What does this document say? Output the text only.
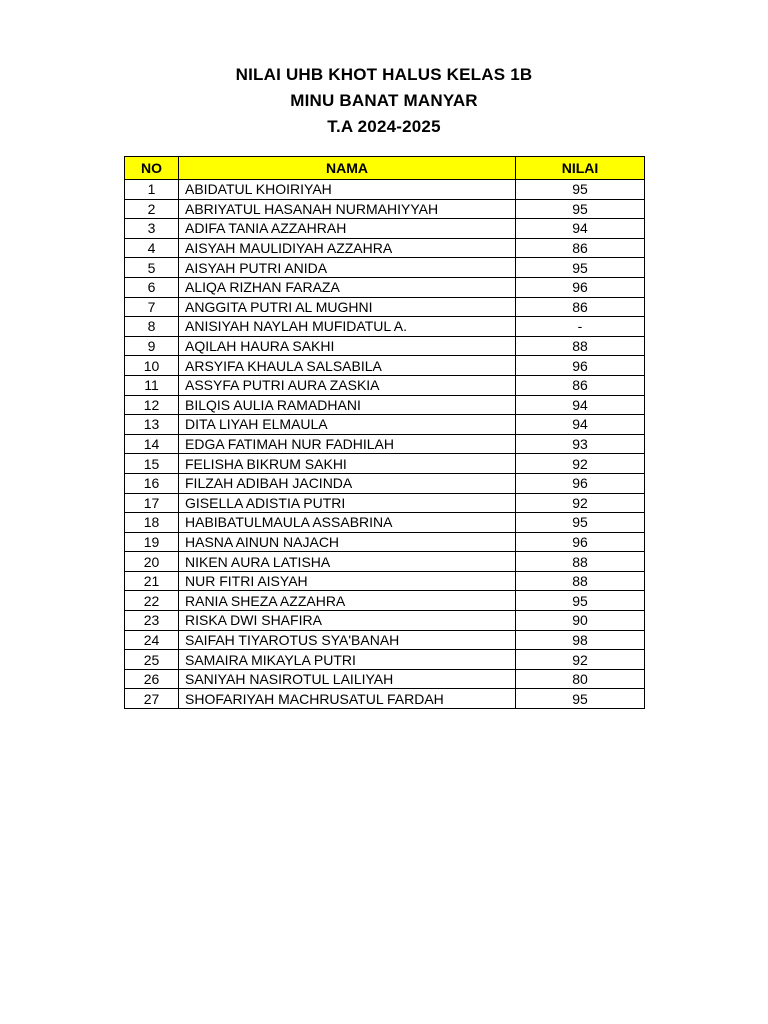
NILAI UHB KHOT HALUS KELAS 1B
MINU BANAT MANYAR
T.A 2024-2025
NO	NAMA	NILAI
1	ABIDATUL KHOIRIYAH	95
2	ABRIYATUL HASANAH NURMAHIYYAH	95
3	ADIFA TANIA AZZAHRAH	94
4	AISYAH MAULIDIYAH AZZAHRA	86
5	AISYAH PUTRI ANIDA	95
6	ALIQA RIZHAN FARAZA	96
7	ANGGITA PUTRI AL MUGHNI	86
8	ANISIYAH NAYLAH MUFIDATUL A.	-
9	AQILAH HAURA SAKHI	88
10	ARSYIFA KHAULA SALSABILA	96
11	ASSYFA PUTRI AURA ZASKIA	86
12	BILQIS AULIA RAMADHANI	94
13	DITA LIYAH ELMAULA	94
14	EDGA FATIMAH NUR FADHILAH	93
15	FELISHA BIKRUM SAKHI	92
16	FILZAH ADIBAH JACINDA	96
17	GISELLA ADISTIA PUTRI	92
18	HABIBATULMAULA ASSABRINA	95
19	HASNA AINUN NAJACH	96
20	NIKEN AURA LATISHA	88
21	NUR FITRI AISYAH	88
22	RANIA SHEZA AZZAHRA	95
23	RISKA DWI SHAFIRA	90
24	SAIFAH TIYAROTUS SYA'BANAH	98
25	SAMAIRA MIKAYLA PUTRI	92
26	SANIYAH NASIROTUL LAILIYAH	80
27	SHOFARIYAH MACHRUSATUL FARDAH	95
